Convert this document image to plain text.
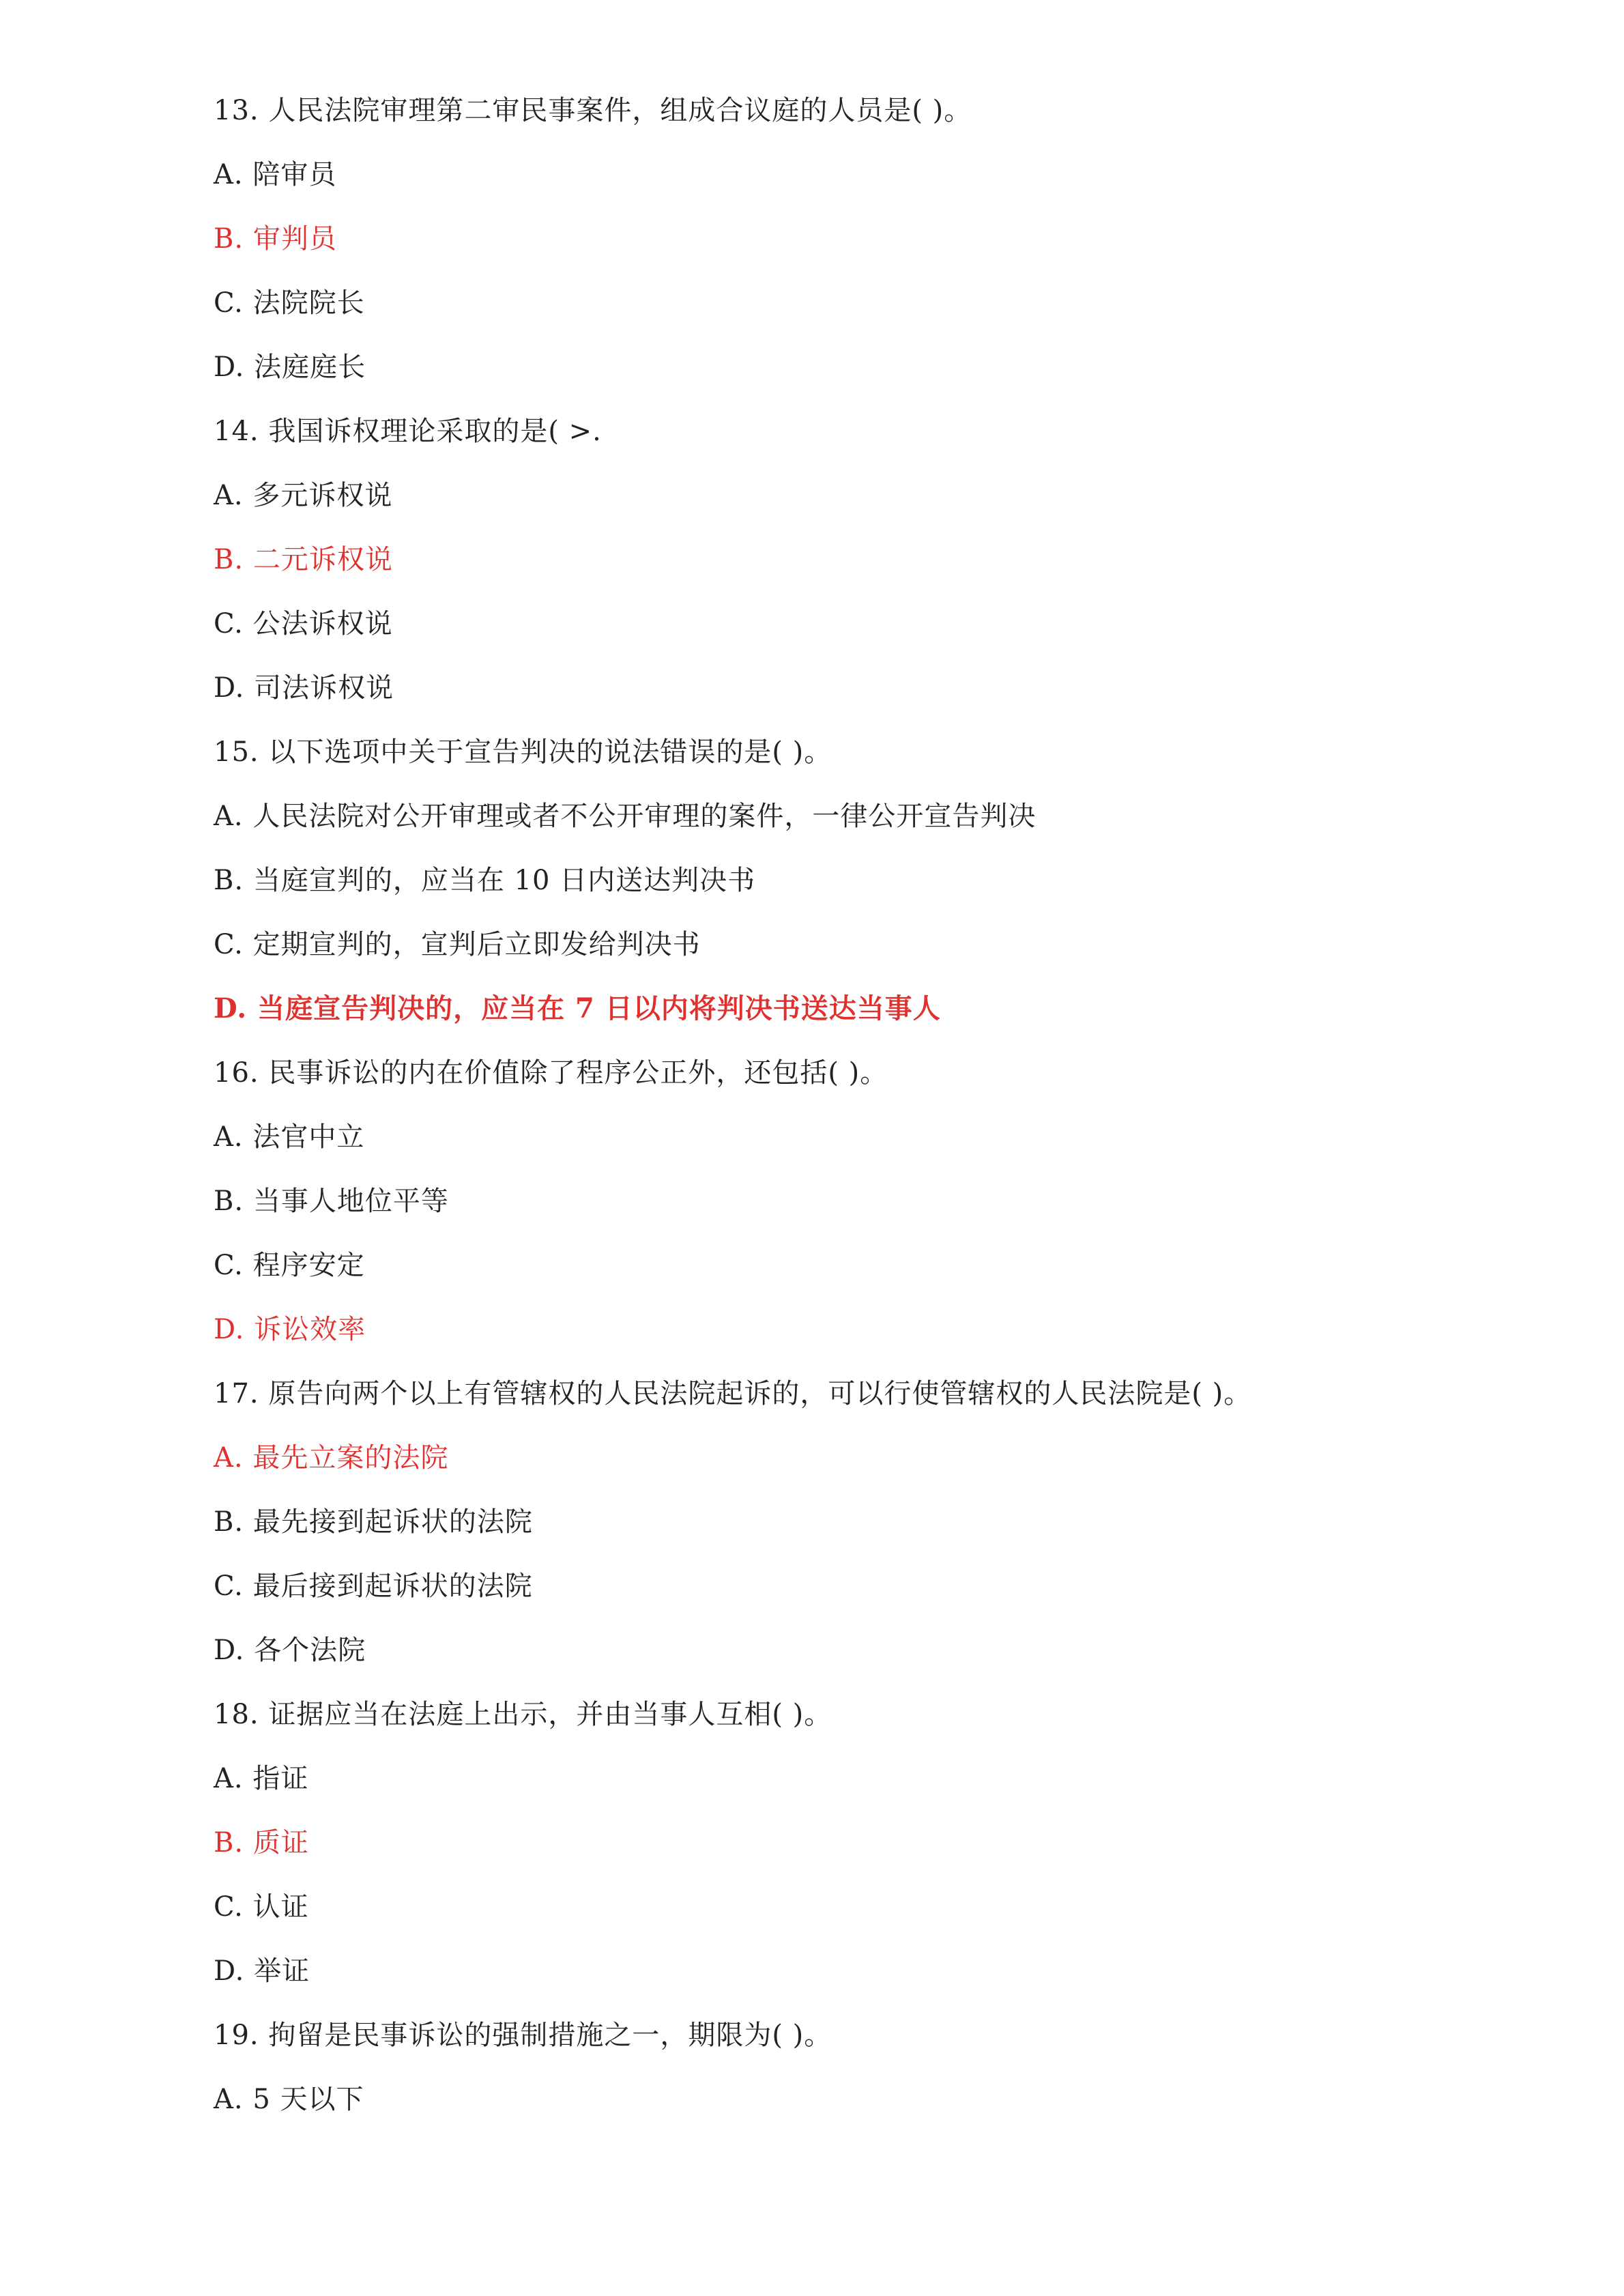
13. 人民法院审理第二审民事案件，组成合议庭的人员是( )。
A. 陪审员
B. 审判员
C. 法院院长
D. 法庭庭长
14. 我国诉权理论采取的是( >.
A. 多元诉权说
B. 二元诉权说
C. 公法诉权说
D. 司法诉权说
15. 以下选项中关于宣告判决的说法错误的是( )。
A. 人民法院对公开审理或者不公开审理的案件，一律公开宣告判决
B. 当庭宣判的，应当在 10 日内送达判决书
C. 定期宣判的，宣判后立即发给判决书
D. 当庭宣告判决的，应当在 7 日以内将判决书送达当事人
16. 民事诉讼的内在价值除了程序公正外，还包括( )。
A. 法官中立
B. 当事人地位平等
C. 程序安定
D. 诉讼效率
17. 原告向两个以上有管辖权的人民法院起诉的，可以行使管辖权的人民法院是( )。
A. 最先立案的法院
B. 最先接到起诉状的法院
C. 最后接到起诉状的法院
D. 各个法院
18. 证据应当在法庭上出示，并由当事人互相( )。
A. 指证
B. 质证
C. 认证
D. 举证
19. 拘留是民事诉讼的强制措施之一，期限为( )。
A. 5 天以下
